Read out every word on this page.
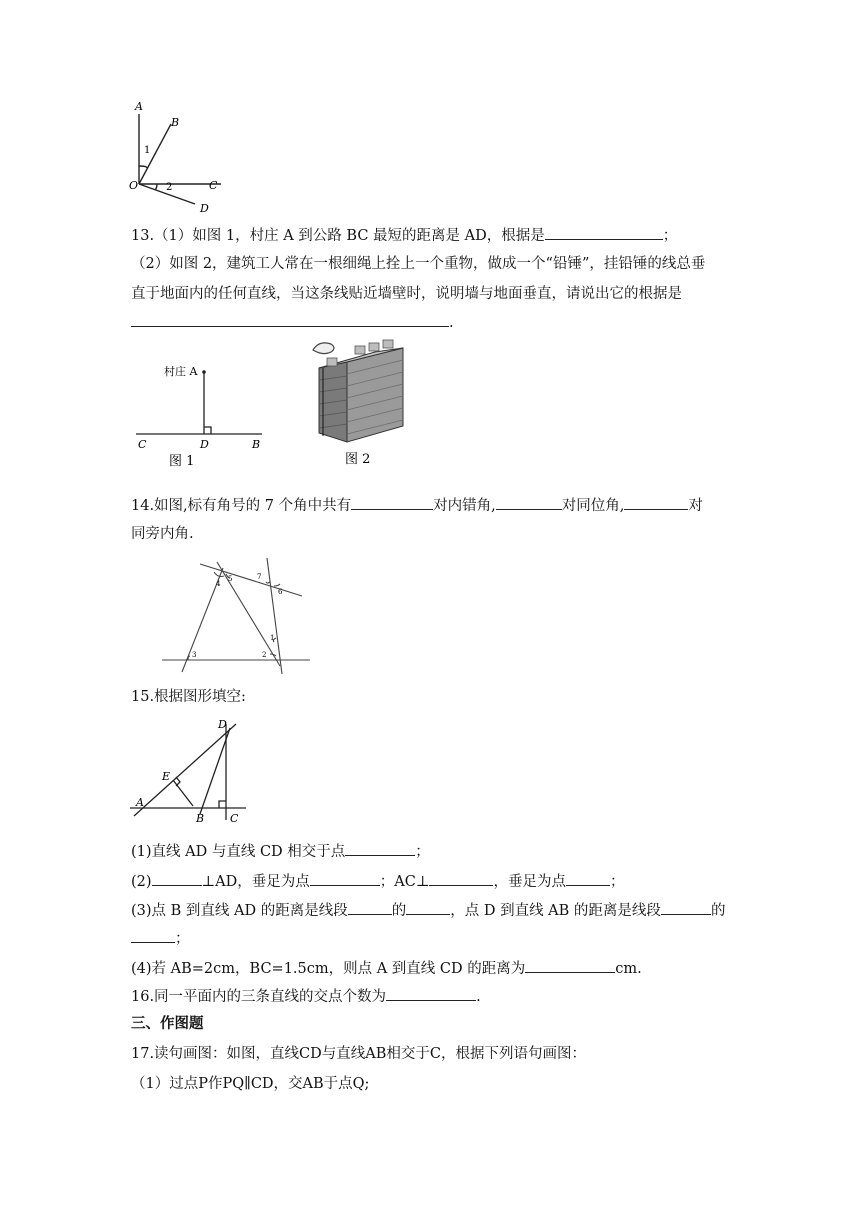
A
B
1
O	2	C
D
13.（1）如图 1，村庄 A 到公路 BC 最短的距离是 AD，根据是	；
（2）如图 2，建筑工人常在一根细绳上拴上一个重物，做成一个“铅锤”，挂铅锤的线总垂
直于地面内的任何直线，当这条线贴近墙壁时，说明墙与地面垂直，请说出它的根据是
.
村庄 A
C	D	B
图 1	图 2
14.如图,标有角号的 7 个角中共有	对内错角,	对同位角,	对
同旁内角.
4
5	7
6
1
2
3
15.根据图形填空:
D
E
A
B C
(1)直线 AD 与直线 CD 相交于点	；
(2)	⊥AD，垂足为点	；AC⊥	，垂足为点	；
(3)点 B 到直线 AD 的距离是线段	的	，点 D 到直线 AB 的距离是线段	的
；
(4)若 AB=2cm，BC=1.5cm，则点 A 到直线 CD 的距离为	cm.
16.同一平面内的三条直线的交点个数为	.
三、作图题
17.读句画图：如图，直线CD与直线AB相交于C，根据下列语句画图：
（1）过点P作PQ∥CD，交AB于点Q;
